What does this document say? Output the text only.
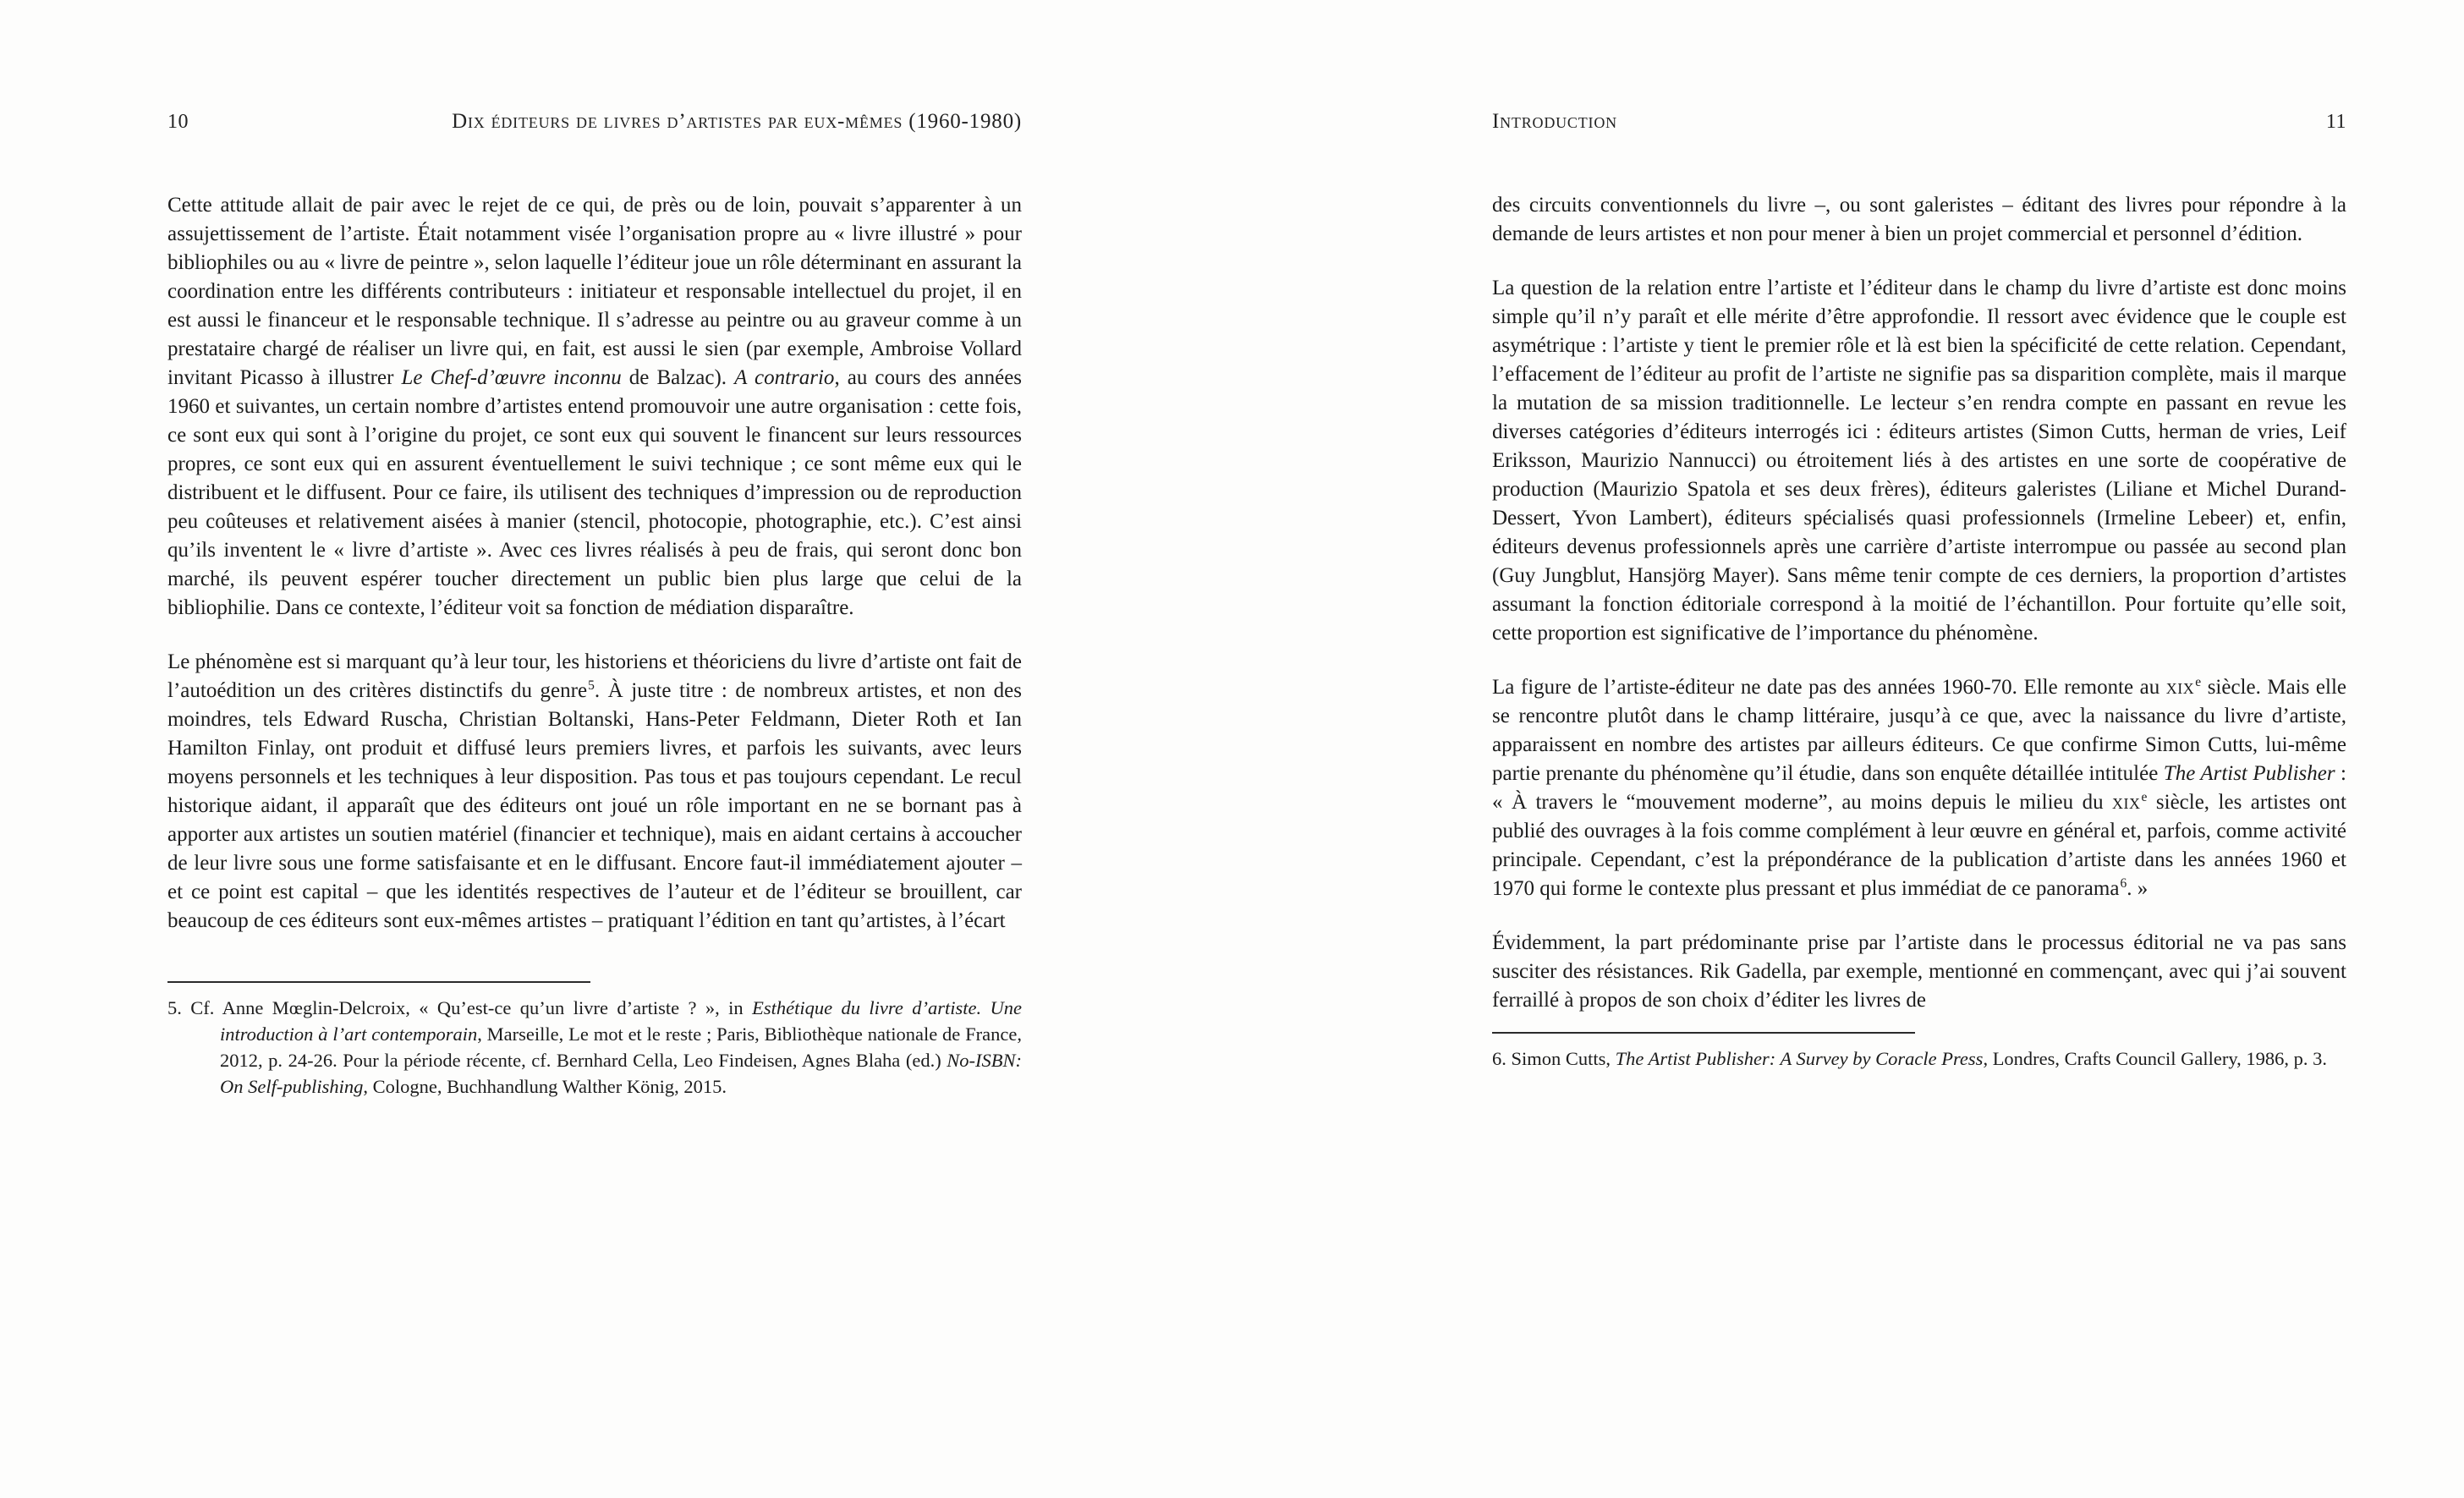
10	Dix éditeurs de livres d’artistes par eux-mêmes (1960-1980)

Cette attitude allait de pair avec le rejet de ce qui, de près ou de loin, pouvait s’apparenter à un assujettissement de l’artiste. Était notamment visée l’organisation propre au « livre illustré » pour bibliophiles ou au « livre de peintre », selon laquelle l’éditeur joue un rôle déterminant en assurant la coordination entre les différents contributeurs : initiateur et responsable intellectuel du projet, il en est aussi le financeur et le responsable technique. Il s’adresse au peintre ou au graveur comme à un prestataire chargé de réaliser un livre qui, en fait, est aussi le sien (par exemple, Ambroise Vollard invitant Picasso à illustrer Le Chef-d’œuvre inconnu de Balzac). A contrario, au cours des années 1960 et suivantes, un certain nombre d’artistes entend promouvoir une autre organisation : cette fois, ce sont eux qui sont à l’origine du projet, ce sont eux qui souvent le financent sur leurs ressources propres, ce sont eux qui en assurent éventuellement le suivi technique ; ce sont même eux qui le distribuent et le diffusent. Pour ce faire, ils utilisent des techniques d’impression ou de reproduction peu coûteuses et relativement aisées à manier (stencil, photocopie, photographie, etc.). C’est ainsi qu’ils inventent le « livre d’artiste ». Avec ces livres réalisés à peu de frais, qui seront donc bon marché, ils peuvent espérer toucher directement un public bien plus large que celui de la bibliophilie. Dans ce contexte, l’éditeur voit sa fonction de médiation disparaître.

Le phénomène est si marquant qu’à leur tour, les historiens et théoriciens du livre d’artiste ont fait de l’autoédition un des critères distinctifs du genre$^5$. À juste titre : de nombreux artistes, et non des moindres, tels Edward Ruscha, Christian Boltanski, Hans-Peter Feldmann, Dieter Roth et Ian Hamilton Finlay, ont produit et diffusé leurs premiers livres, et parfois les suivants, avec leurs moyens personnels et les techniques à leur disposition. Pas tous et pas toujours cependant. Le recul historique aidant, il apparaît que des éditeurs ont joué un rôle important en ne se bornant pas à apporter aux artistes un soutien matériel (financier et technique), mais en aidant certains à accoucher de leur livre sous une forme satisfaisante et en le diffusant. Encore faut-il immédiatement ajouter – et ce point est capital – que les identités respectives de l’auteur et de l’éditeur se brouillent, car beaucoup de ces éditeurs sont eux-mêmes artistes – pratiquant l’édition en tant qu’artistes, à l’écart

5. Cf. Anne Mœglin-Delcroix, « Qu’est-ce qu’un livre d’artiste ? », in Esthétique du livre d’artiste. Une introduction à l’art contemporain, Marseille, Le mot et le reste ; Paris, Bibliothèque nationale de France, 2012, p. 24-26. Pour la période récente, cf. Bernhard Cella, Leo Findeisen, Agnes Blaha (ed.) No-ISBN: On Self-publishing, Cologne, Buchhandlung Walther König, 2015.

Introduction	11

des circuits conventionnels du livre –, ou sont galeristes – éditant des livres pour répondre à la demande de leurs artistes et non pour mener à bien un projet commercial et personnel d’édition.

La question de la relation entre l’artiste et l’éditeur dans le champ du livre d’artiste est donc moins simple qu’il n’y paraît et elle mérite d’être approfondie. Il ressort avec évidence que le couple est asymétrique : l’artiste y tient le premier rôle et là est bien la spécificité de cette relation. Cependant, l’effacement de l’éditeur au profit de l’artiste ne signifie pas sa disparition complète, mais il marque la mutation de sa mission traditionnelle. Le lecteur s’en rendra compte en passant en revue les diverses catégories d’éditeurs interrogés ici : éditeurs artistes (Simon Cutts, herman de vries, Leif Eriksson, Maurizio Nannucci) ou étroitement liés à des artistes en une sorte de coopérative de production (Maurizio Spatola et ses deux frères), éditeurs galeristes (Liliane et Michel Durand-Dessert, Yvon Lambert), éditeurs spécialisés quasi professionnels (Irmeline Lebeer) et, enfin, éditeurs devenus professionnels après une carrière d’artiste interrompue ou passée au second plan (Guy Jungblut, Hansjörg Mayer). Sans même tenir compte de ces derniers, la proportion d’artistes assumant la fonction éditoriale correspond à la moitié de l’échantillon. Pour fortuite qu’elle soit, cette proportion est significative de l’importance du phénomène.

La figure de l’artiste-éditeur ne date pas des années 1960-70. Elle remonte au xix$^e$ siècle. Mais elle se rencontre plutôt dans le champ littéraire, jusqu’à ce que, avec la naissance du livre d’artiste, apparaissent en nombre des artistes par ailleurs éditeurs. Ce que confirme Simon Cutts, lui-même partie prenante du phénomène qu’il étudie, dans son enquête détaillée intitulée The Artist Publisher : « À travers le “mouvement moderne”, au moins depuis le milieu du xix$^e$ siècle, les artistes ont publié des ouvrages à la fois comme complément à leur œuvre en général et, parfois, comme activité principale. Cependant, c’est la prépondérance de la publication d’artiste dans les années 1960 et 1970 qui forme le contexte plus pressant et plus immédiat de ce panorama$^6$. »

Évidemment, la part prédominante prise par l’artiste dans le processus éditorial ne va pas sans susciter des résistances. Rik Gadella, par exemple, mentionné en commençant, avec qui j’ai souvent ferraillé à propos de son choix d’éditer les livres de

6. Simon Cutts, The Artist Publisher: A Survey by Coracle Press, Londres, Crafts Council Gallery, 1986, p. 3.
